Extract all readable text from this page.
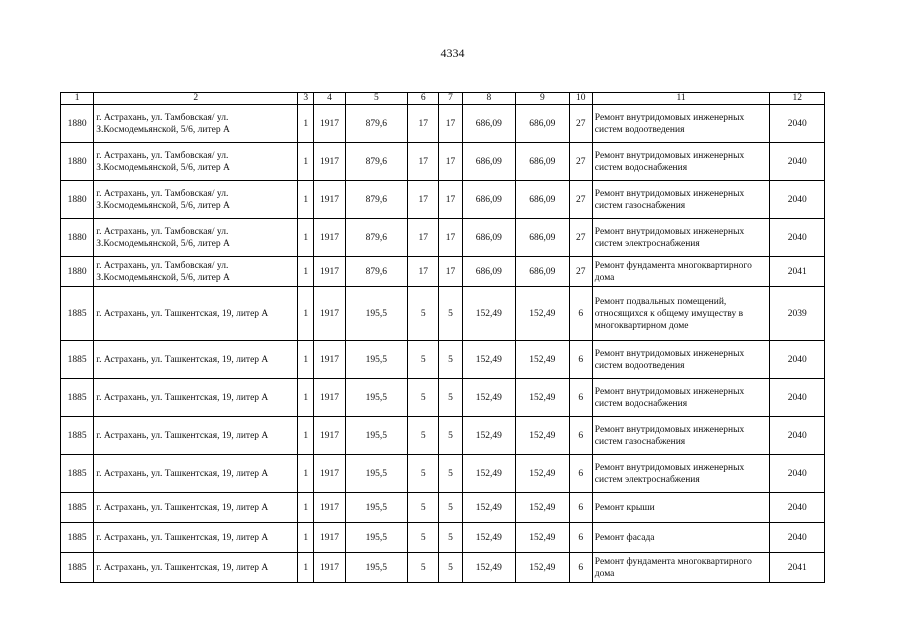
4334
1	2	3	4	5	6	7	8	9	10	11	12
1880	г. Астрахань, ул. Тамбовская/ ул. З.Космодемьянской, 5/6, литер А	1	1917	879,6	17	17	686,09	686,09	27	Ремонт внутридомовых инженерных систем водоотведения	2040
1880	г. Астрахань, ул. Тамбовская/ ул. З.Космодемьянской, 5/6, литер А	1	1917	879,6	17	17	686,09	686,09	27	Ремонт внутридомовых инженерных систем водоснабжения	2040
1880	г. Астрахань, ул. Тамбовская/ ул. З.Космодемьянской, 5/6, литер А	1	1917	879,6	17	17	686,09	686,09	27	Ремонт внутридомовых инженерных систем газоснабжения	2040
1880	г. Астрахань, ул. Тамбовская/ ул. З.Космодемьянской, 5/6, литер А	1	1917	879,6	17	17	686,09	686,09	27	Ремонт внутридомовых инженерных систем электроснабжения	2040
1880	г. Астрахань, ул. Тамбовская/ ул. З.Космодемьянской, 5/6, литер А	1	1917	879,6	17	17	686,09	686,09	27	Ремонт фундамента многоквартирного дома	2041
1885	г. Астрахань, ул. Ташкентская, 19, литер А	1	1917	195,5	5	5	152,49	152,49	6	Ремонт подвальных помещений, относящихся к общему имуществу в многоквартирном доме	2039
1885	г. Астрахань, ул. Ташкентская, 19, литер А	1	1917	195,5	5	5	152,49	152,49	6	Ремонт внутридомовых инженерных систем водоотведения	2040
1885	г. Астрахань, ул. Ташкентская, 19, литер А	1	1917	195,5	5	5	152,49	152,49	6	Ремонт внутридомовых инженерных систем водоснабжения	2040
1885	г. Астрахань, ул. Ташкентская, 19, литер А	1	1917	195,5	5	5	152,49	152,49	6	Ремонт внутридомовых инженерных систем газоснабжения	2040
1885	г. Астрахань, ул. Ташкентская, 19, литер А	1	1917	195,5	5	5	152,49	152,49	6	Ремонт внутридомовых инженерных систем электроснабжения	2040
1885	г. Астрахань, ул. Ташкентская, 19, литер А	1	1917	195,5	5	5	152,49	152,49	6	Ремонт крыши	2040
1885	г. Астрахань, ул. Ташкентская, 19, литер А	1	1917	195,5	5	5	152,49	152,49	6	Ремонт фасада	2040
1885	г. Астрахань, ул. Ташкентская, 19, литер А	1	1917	195,5	5	5	152,49	152,49	6	Ремонт фундамента многоквартирного дома	2041
